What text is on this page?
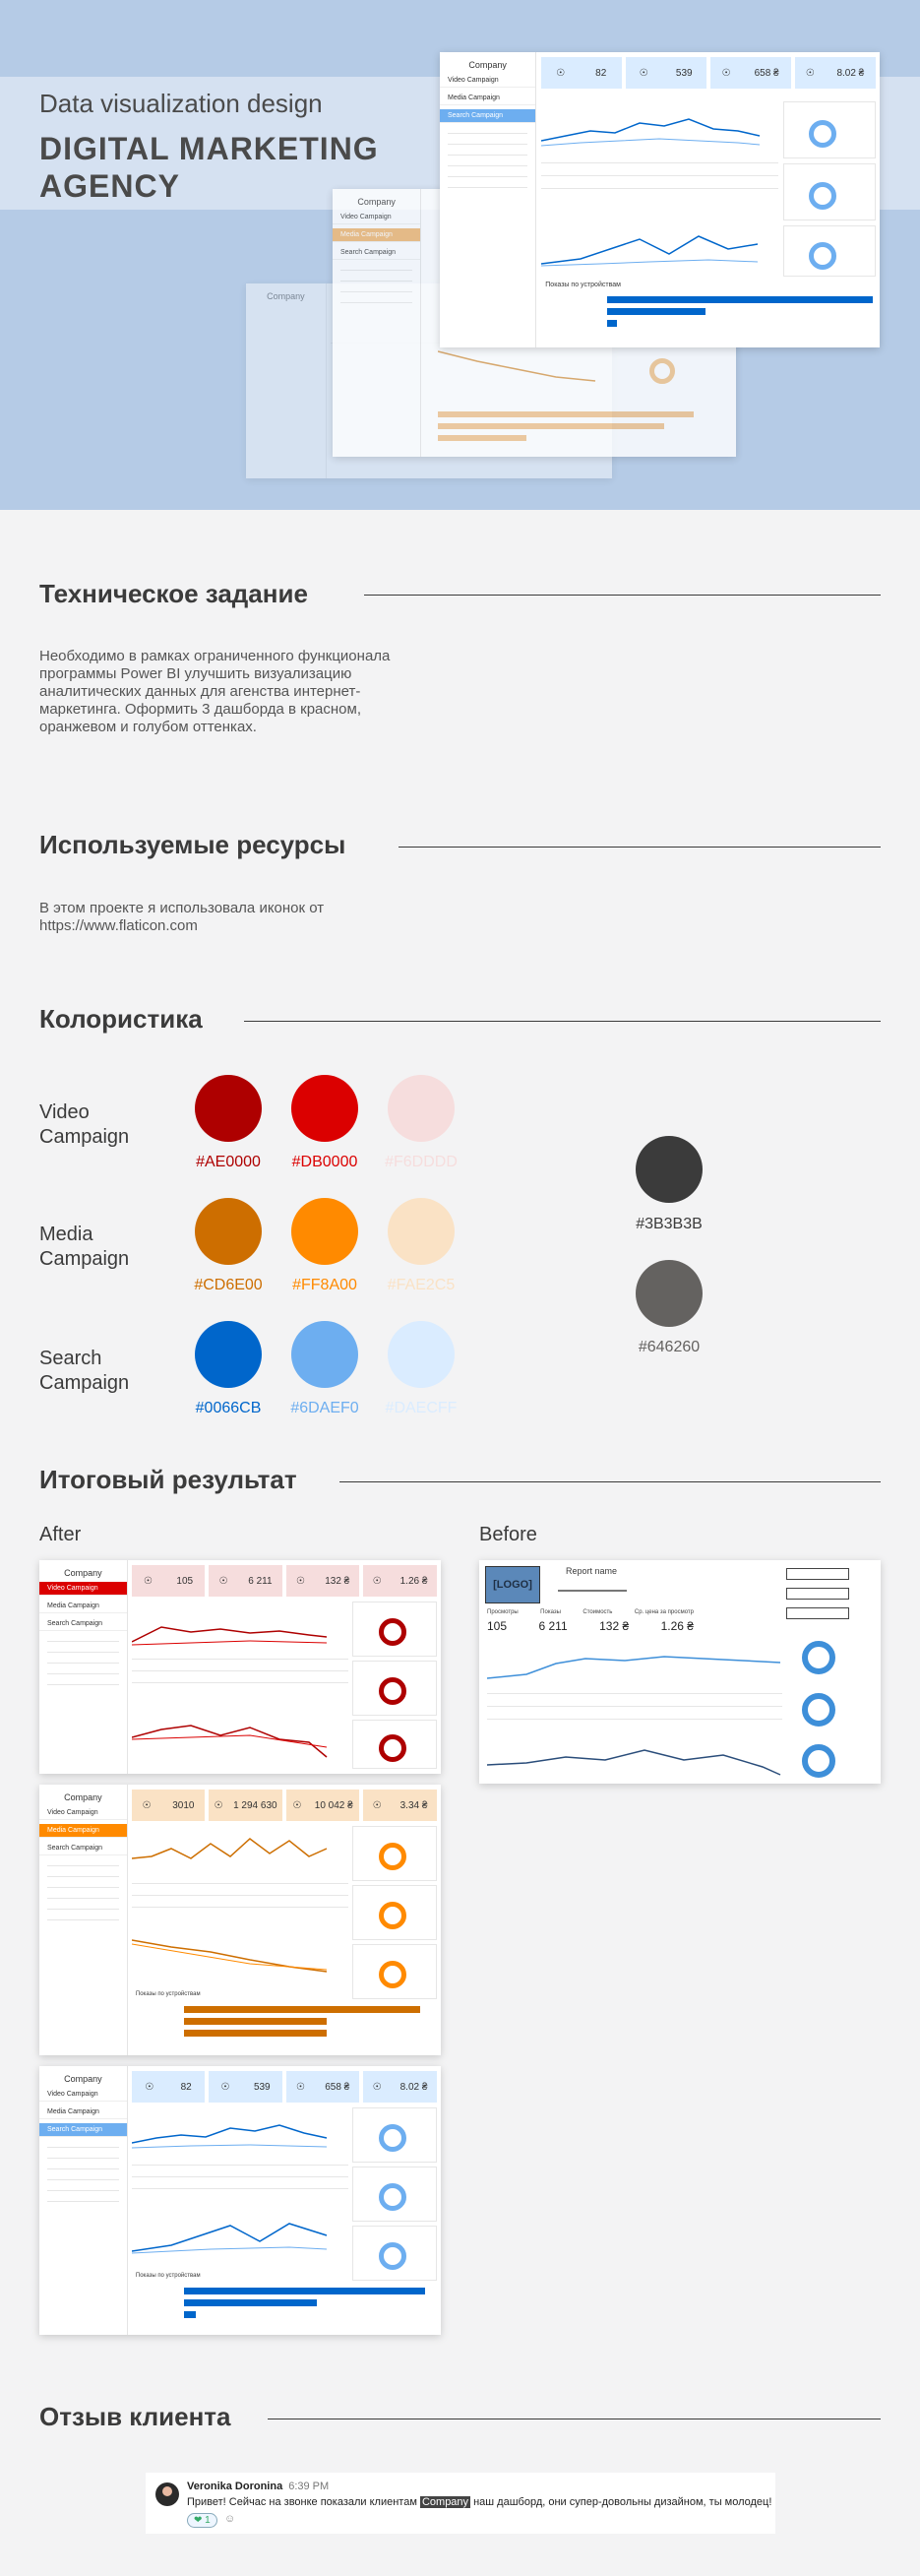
Data visualization design
DIGITAL MARKETING AGENCY
Company
Company
Video Campaign
Media Campaign
Search Campaign
Company
Video Campaign
Media Campaign
Search Campaign
☉	82	☉	539	☉ 658 ₴	☉ 8.02 ₴
Показы по устройствам
Техническое задание
Необходимо в рамках ограниченного функционала программы Power BI улучшить визуализацию аналитических данных для агенства интернет-маркетинга. Оформить 3 дашборда в красном, оранжевом и голубом оттенках.
Используемые ресурсы
В этом проекте я использовала иконок от https://www.flaticon.com
Колористика
Video Campaign
#AE0000	#DB0000	#F6DDDD
Media Campaign
#CD6E00	#FF8A00	#FAE2C5
Search Campaign
#0066CB	#6DAEF0	#DAECFF
#3B3B3B
#646260
Итоговый результат
After	Before
Company
Video Campaign
Media Campaign
Search Campaign
☉ 105	☉ 6 211 ☉ 132 ₴ ☉ 1.26 ₴
Company
Video Campaign
Media Campaign
Search Campaign
☉ 3010 ☉ 1 294 630 ☉ 10 042 ₴ ☉ 3.34 ₴
Показы по устройствам
Company
Video Campaign
Media Campaign
Search Campaign
☉	82	☉ 539	☉ 658 ₴ ☉ 8.02 ₴
Показы по устройствам
[LOGO]
Report name
Просмотры	Показы	Стоимость	Ср. цена за просмотр
105	6 211	132 ₴	1.26 ₴
Отзыв клиента
Veronika Doronina 6:39 PM
Привет! Сейчас на звонке показали клиентам Company наш дашборд, они супер-довольны дизайном, ты молодец!
❤ 1	☺
